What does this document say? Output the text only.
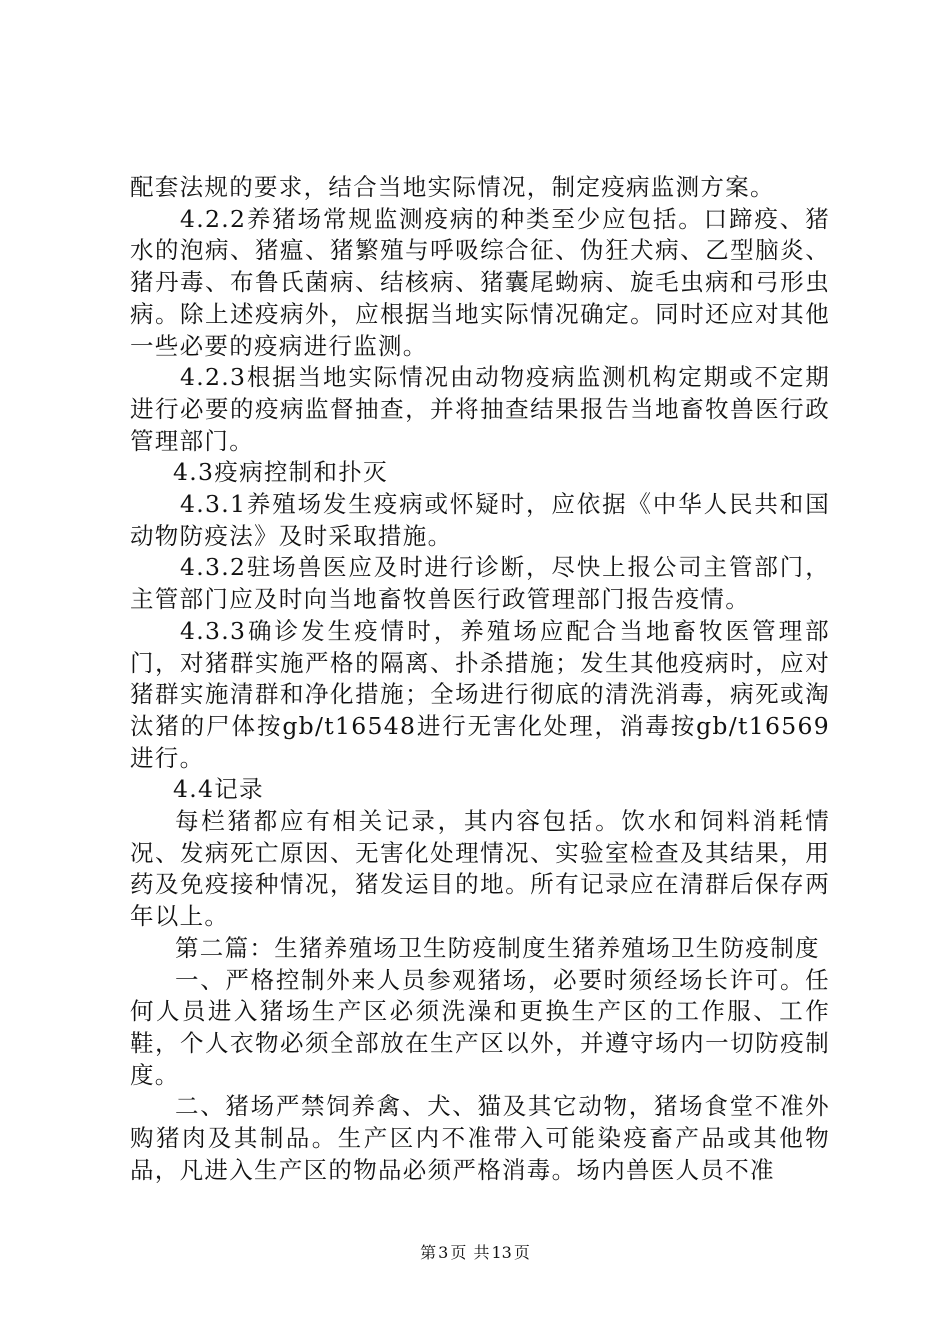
配套法规的要求，结合当地实际情况，制定疫病监测方案。

4.2.2养猪场常规监测疫病的种类至少应包括。口蹄疫、猪水的泡病、猪瘟、猪繁殖与呼吸综合征、伪狂犬病、乙型脑炎、猪丹毒、布鲁氏菌病、结核病、猪囊尾蚴病、旋毛虫病和弓形虫病。除上述疫病外，应根据当地实际情况确定。同时还应对其他一些必要的疫病进行监测。

4.2.3根据当地实际情况由动物疫病监测机构定期或不定期进行必要的疫病监督抽查，并将抽查结果报告当地畜牧兽医行政管理部门。

4.3疫病控制和扑灭

4.3.1养殖场发生疫病或怀疑时，应依据《中华人民共和国动物防疫法》及时采取措施。

4.3.2驻场兽医应及时进行诊断，尽快上报公司主管部门，主管部门应及时向当地畜牧兽医行政管理部门报告疫情。

4.3.3确诊发生疫情时，养殖场应配合当地畜牧医管理部门，对猪群实施严格的隔离、扑杀措施；发生其他疫病时，应对猪群实施清群和净化措施；全场进行彻底的清洗消毒，病死或淘汰猪的尸体按gb/t16548进行无害化处理，消毒按gb/t16569进行。

4.4记录

每栏猪都应有相关记录，其内容包括。饮水和饲料消耗情况、发病死亡原因、无害化处理情况、实验室检查及其结果，用药及免疫接种情况，猪发运目的地。所有记录应在清群后保存两年以上。

第二篇：生猪养殖场卫生防疫制度生猪养殖场卫生防疫制度

一、严格控制外来人员参观猪场，必要时须经场长许可。任何人员进入猪场生产区必须洗澡和更换生产区的工作服、工作鞋，个人衣物必须全部放在生产区以外，并遵守场内一切防疫制度。

二、猪场严禁饲养禽、犬、猫及其它动物，猪场食堂不准外购猪肉及其制品。生产区内不准带入可能染疫畜产品或其他物品，凡进入生产区的物品必须严格消毒。场内兽医人员不准

第 3 页 共 13 页
